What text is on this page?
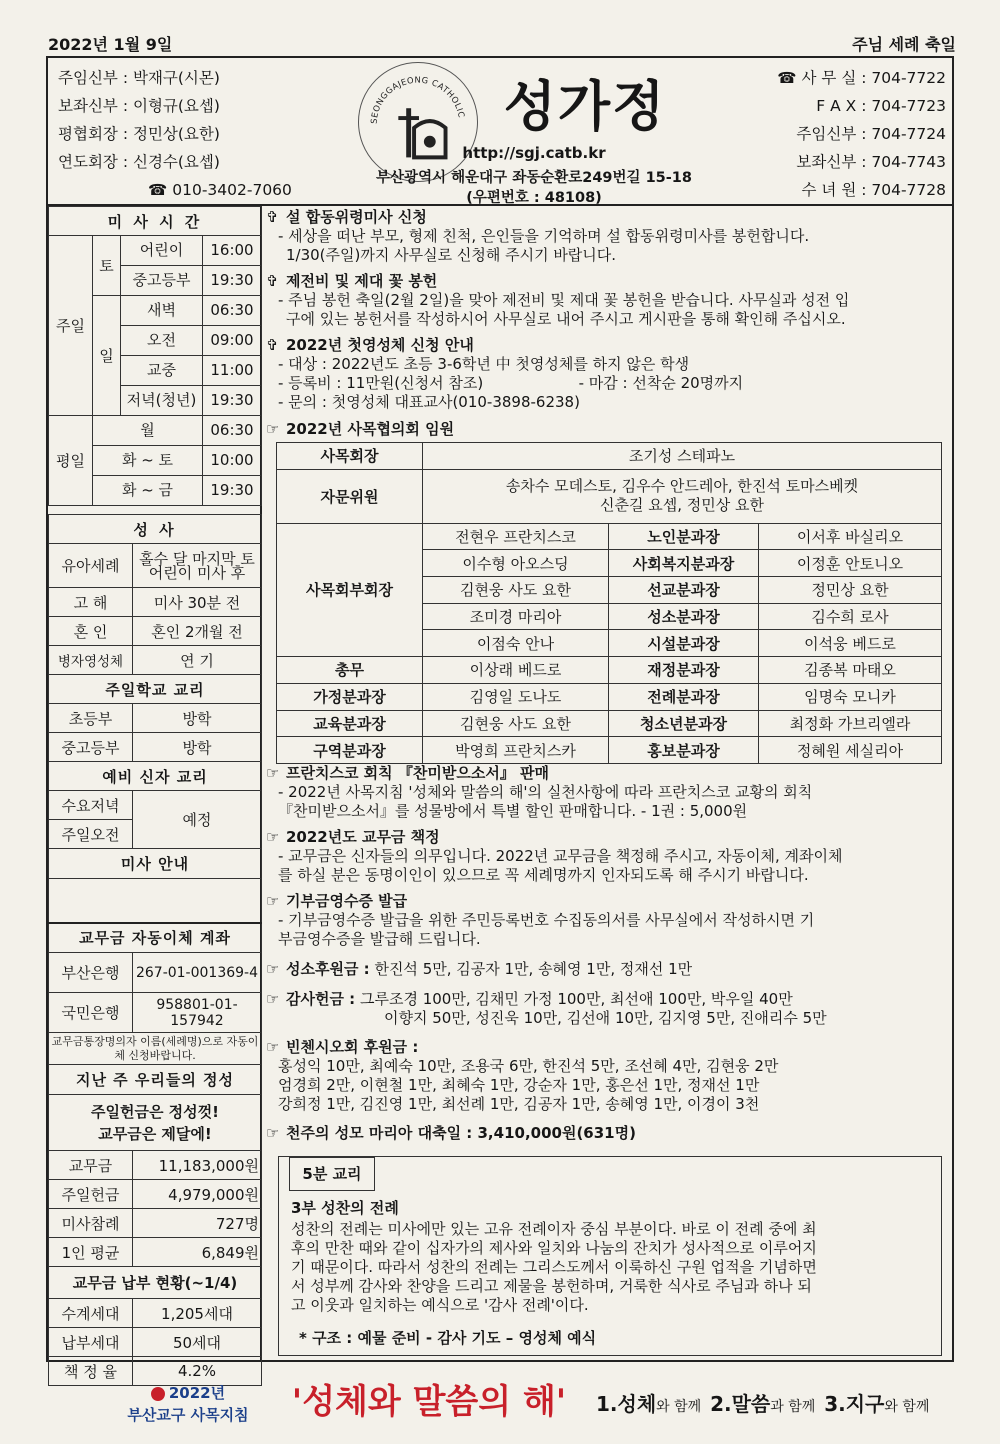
2022년 1월 9일	주님 세례 축일
주임신부 : 박재구(시몬)
보좌신부 : 이형규(요셉)
평협회장 : 정민상(요한)
연도회장 : 신경수(요셉)
☎ 010-3402-7060
SEONGGAJEONG CATHOLIC 성가정
http://sgj.catb.kr
부산광역시 해운대구 좌동순환로249번길 15-18
(우편번호 : 48108)
☎ 사 무 실 : 704-7722
F A X : 704-7723
주임신부 : 704-7724
보좌신부 : 704-7743
수 녀 원 : 704-7728
미 사 시 간		
주일	토	어린이 16:00

		중고등부 19:30

	일	새벽 06:30

		오전 09:00

		교중 11:00

		저녁(청년) 19:30

평일	월 06:30	

	화 ~ 토 10:00	

	화 ~ 금 19:30	
성 사	
유아세례	홀수 달 마지막 토 어린이 미사 후
고 해	미사 30분 전
혼 인	혼인 2개월 전
병자영성체	연 기
주일학교 교리	
초등부	방학
중고등부	방학
예비 신자 교리	
수요저녁	예정
주일오전	
미사 안내	

교무금 자동이체 계좌	
부산은행	267-01-001369-4
국민은행	958801-01-157942
교무금통장명의자 이름(세례명)으로 자동이체 신청바랍니다.	
지난 주 우리들의 정성	

주일헌금은 정성껏!
교무금은 제달에!	

교무금	11,183,000원
주일헌금	4,979,000원
미사참례	727명
1인 평균	6,849원
교무금 납부 현황(~1/4)	
수계세대	1,205세대
납부세대	50세대
책 정 율	4.2%
✞ 설 합동위령미사 신청
- 세상을 떠난 부모, 형제 친척, 은인들을 기억하며 설 합동위령미사를 봉헌합니다.
1/30(주일)까지 사무실로 신청해 주시기 바랍니다.
✞ 제전비 및 제대 꽃 봉헌
- 주님 봉헌 축일(2월 2일)을 맞아 제전비 및 제대 꽃 봉헌을 받습니다. 사무실과 성전 입
구에 있는 봉헌서를 작성하시어 사무실로 내어 주시고 게시판을 통해 확인해 주십시오.
✞ 2022년 첫영성체 신청 안내
- 대상 : 2022년도 초등 3-6학년 中 첫영성체를 하지 않은 학생
- 등록비 : 11만원(신청서 참조)                    - 마감 : 선착순 20명까지
- 문의 : 첫영성체 대표교사(010-3898-6238)
☞ 2022년 사목협의회 임원
사목회장	조기성 스테파노		
자문위원	송차수 모데스토, 김우수 안드레아, 한진석 토마스베켓
신춘길 요셉, 정민상 요한		

사목회부회장	전현우 프란치스코	노인분과장	이서후 바실리오
	이수형 아오스딩	사회복지분과장	이정훈 안토니오
	김현웅 사도 요한	선교분과장	정민상 요한
	조미경 마리아	성소분과장	김수희 로사
	이점숙 안나	시설분과장	이석웅 베드로
총무	이상래 베드로	재정분과장	김종복 마태오
가정분과장	김영일 도나도	전례분과장	임명숙 모니카
교육분과장	김현웅 사도 요한	청소년분과장	최정화 가브리엘라
구역분과장	박영희 프란치스카	홍보분과장	정혜원 세실리아
☞ 프란치스코 회칙 『찬미받으소서』 판매
- 2022년 사목지침 '성체와 말씀의 해'의 실천사항에 따라 프란치스코 교황의 회칙
『찬미받으소서』를 성물방에서 특별 할인 판매합니다. - 1권 : 5,000원
☞ 2022년도 교무금 책정
- 교무금은 신자들의 의무입니다. 2022년 교무금을 책정해 주시고, 자동이체, 계좌이체
를 하실 분은 동명이인이 있으므로 꼭 세례명까지 인자되도록 해 주시기 바랍니다.
☞ 기부금영수증 발급
- 기부금영수증 발급을 위한 주민등록번호 수집동의서를 사무실에서 작성하시면 기
부금영수증을 발급해 드립니다.
☞ 성소후원금 : 한진석 5만, 김공자 1만, 송혜영 1만, 정재선 1만
☞ 감사헌금 : 그루조경 100만, 김채민 가정 100만, 최선애 100만, 박우일 40만
이향지 50만, 성진욱 10만, 김선애 10만, 김지영 5만, 진애리수 5만
☞ 빈첸시오회 후원금 :
홍성익 10만, 최예숙 10만, 조용국 6만, 한진석 5만, 조선혜 4만, 김현웅 2만
엄경희 2만, 이현철 1만, 최혜숙 1만, 강순자 1만, 홍은선 1만, 정재선 1만
강희정 1만, 김진영 1만, 최선례 1만, 김공자 1만, 송혜영 1만, 이경이 3천
☞ 천주의 성모 마리아 대축일 : 3,410,000원(631명)
5분 교리
3부 성찬의 전례
성찬의 전례는 미사에만 있는 고유 전례이자 중심 부분이다. 바로 이 전례 중에 최
후의 만찬 때와 같이 십자가의 제사와 일치와 나눔의 잔치가 성사적으로 이루어지
기 때문이다. 따라서 성찬의 전례는 그리스도께서 이룩하신 구원 업적을 기념하면
서 성부께 감사와 찬양을 드리고 제물을 봉헌하며, 거룩한 식사로 주님과 하나 되
고 이웃과 일치하는 예식으로 '감사 전례'이다.
* 구조 : 예물 준비 - 감사 기도 – 영성체 예식
2022년
부산교구 사목지침	'성체와 말씀의 해'	1.성체와 함께 2.말씀과 함께 3.지구와 함께
